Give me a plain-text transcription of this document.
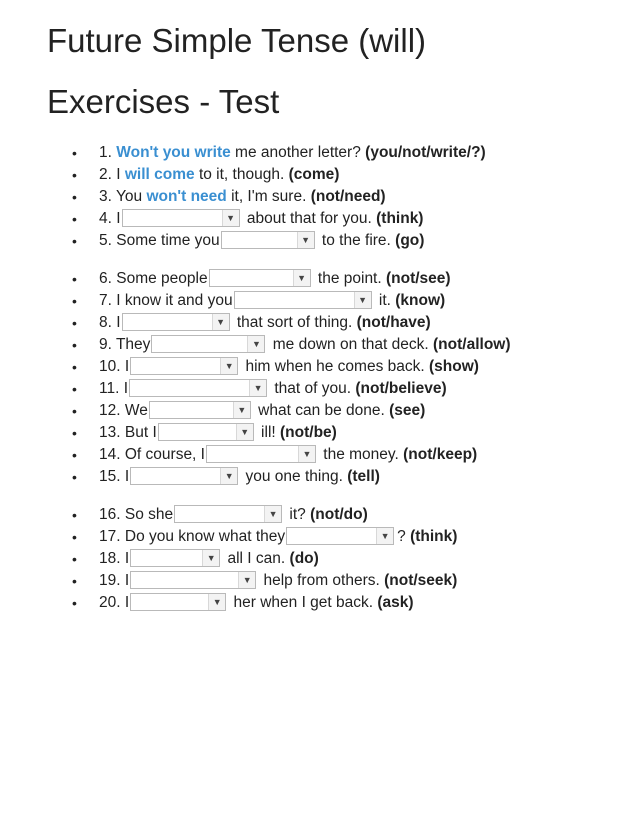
Future Simple Tense (will)
Exercises - Test
• 1. Won't you write me another letter? (you/not/write/?)
• 2. I will come to it, though. (come)
• 3. You won't need it, I'm sure. (not/need)
• 4. I	▼ about that for you. (think)
• 5. Some time you	▼ to the fire. (go)
• 6. Some people	▼ the point. (not/see)
• 7. I know it and you	▼ it. (know)
• 8. I	▼ that sort of thing. (not/have)
• 9. They	▼ me down on that deck. (not/allow)
• 10. I	▼ him when he comes back. (show)
• 11. I	▼ that of you. (not/believe)
• 12. We	▼ what can be done. (see)
• 13. But I	▼ ill! (not/be)
• 14. Of course, I	▼ the money. (not/keep)
• 15. I	▼ you one thing. (tell)
• 16. So she	▼ it? (not/do)
• 17. Do you know what they	▼ ? (think)
• 18. I	▼ all I can. (do)
• 19. I	▼ help from others. (not/seek)
• 20. I	▼ her when I get back. (ask)
